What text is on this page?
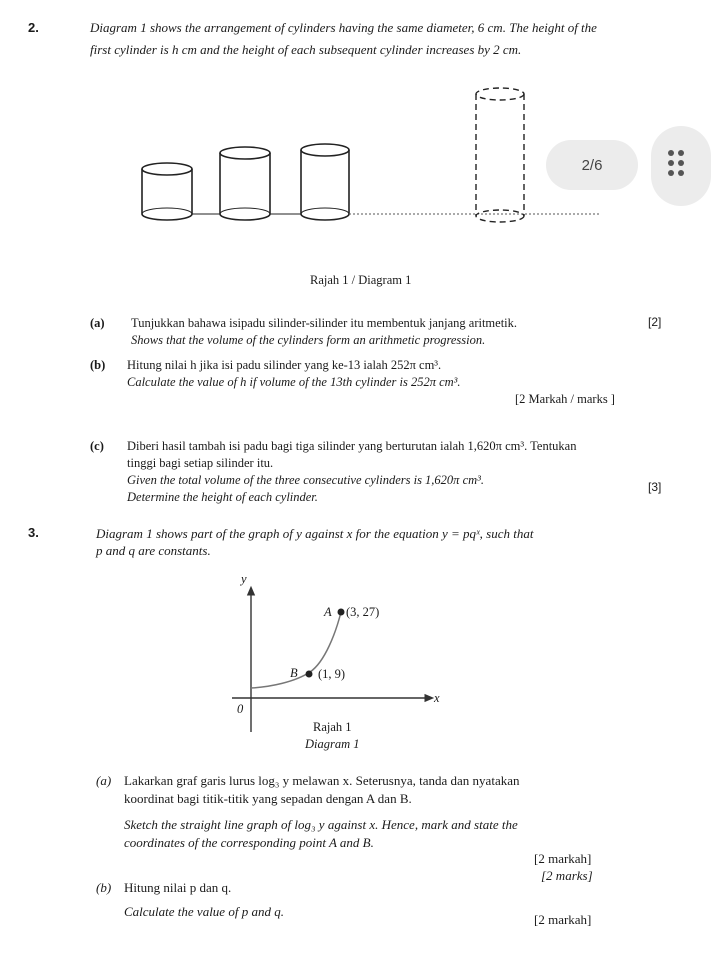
2.	Diagram 1 shows the arrangement of cylinders having the same diameter, 6 cm. The height of the
first cylinder is h cm and the height of each subsequent cylinder increases by 2 cm.
2/6
Rajah 1 / Diagram 1
(a) Tunjukkan bahawa isipadu silinder-silinder itu membentuk janjang aritmetik.
Shows that the volume of the cylinders form an arithmetic progression.
[2]
(b) Hitung nilai h jika isi padu silinder yang ke-13 ialah 252π cm³.
Calculate the value of h if volume of the 13th cylinder is 252π cm³.
[2 Markah / marks ]
(c) Diberi hasil tambah isi padu bagi tiga silinder yang berturutan ialah 1,620π cm³. Tentukan
tinggi bagi setiap silinder itu.
Given the total volume of the three consecutive cylinders is 1,620π cm³.
Determine the height of each cylinder.
[3]
3.	Diagram 1 shows part of the graph of y against x for the equation y = pqˣ, such that
p and q are constants.
y
x
0
A (3, 27)
B (1, 9)
Rajah 1
Diagram 1
(a) Lakarkan graf garis lurus log₃ y melawan x. Seterusnya, tanda dan nyatakan
koordinat bagi titik-titik yang sepadan dengan A dan B.
Sketch the straight line graph of log₃ y against x. Hence, mark and state the
coordinates of the corresponding point A and B.
[2 markah]
[2 marks]
(b) Hitung nilai p dan q.
Calculate the value of p and q.
[2 markah]
